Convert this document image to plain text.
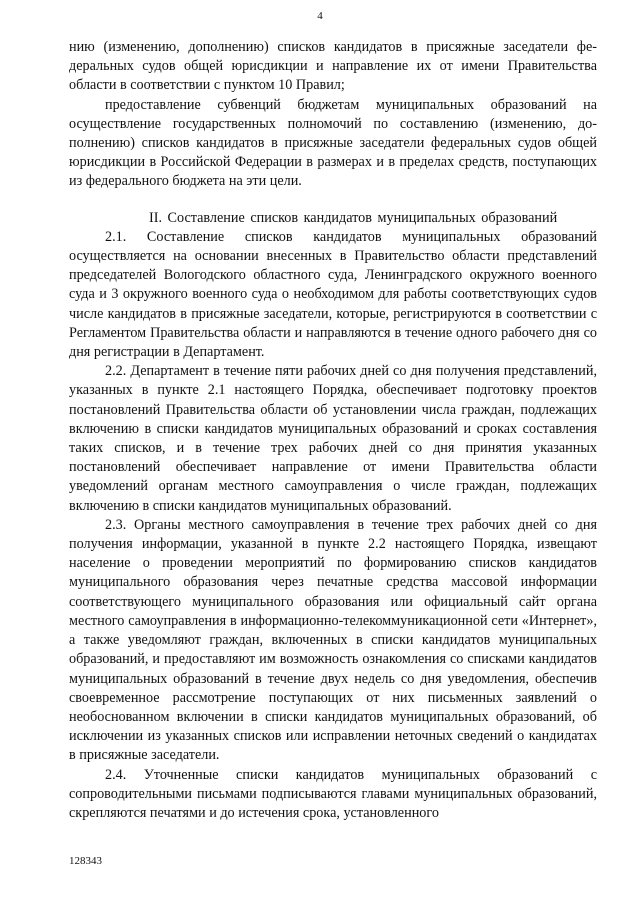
4

нию (изменению, дополнению) списков кандидатов в присяжные заседатели федеральных судов общей юрисдикции и направление их от имени Правительства области в соответствии с пунктом 10 Правил;

предоставление субвенций бюджетам муниципальных образований на осуществление государственных полномочий по составлению (изменению, дополнению) списков кандидатов в присяжные заседатели федеральных судов общей юрисдикции в Российской Федерации в размерах и в пределах средств, поступающих из федерального бюджета на эти цели.

II. Составление списков кандидатов муниципальных образований

2.1. Составление списков кандидатов муниципальных образований осуществляется на основании внесенных в Правительство области представлений председателей Вологодского областного суда, Ленинградского окружного военного суда и 3 окружного военного суда о необходимом для работы соответствующих судов числе кандидатов в присяжные заседатели, которые, регистрируются в соответствии с Регламентом Правительства области и направляются в течение одного рабочего дня со дня регистрации в Департамент.

2.2. Департамент в течение пяти рабочих дней со дня получения представлений, указанных в пункте 2.1 настоящего Порядка, обеспечивает подготовку проектов постановлений Правительства области об установлении числа граждан, подлежащих включению в списки кандидатов муниципальных образований и сроках составления таких списков, и в течение трех рабочих дней со дня принятия указанных постановлений обеспечивает направление от имени Правительства области уведомлений органам местного самоуправления о числе граждан, подлежащих включению в списки кандидатов муниципальных образований.

2.3. Органы местного самоуправления в течение трех рабочих дней со дня получения информации, указанной в пункте 2.2 настоящего Порядка, извещают население о проведении мероприятий по формированию списков кандидатов муниципального образования через печатные средства массовой информации соответствующего муниципального образования или официальный сайт органа местного самоуправления в информационно-телекоммуникационной сети «Интернет», а также уведомляют граждан, включенных в списки кандидатов муниципальных образований, и предоставляют им возможность ознакомления со списками кандидатов муниципальных образований в течение двух недель со дня уведомления, обеспечив своевременное рассмотрение поступающих от них письменных заявлений о необоснованном включении в списки кандидатов муниципальных образований, об исключении из указанных списков или исправлении неточных сведений о кандидатах в присяжные заседатели.

2.4. Уточненные списки кандидатов муниципальных образований с сопроводительными письмами подписываются главами муниципальных образований, скрепляются печатями и до истечения срока, установленного

128343
